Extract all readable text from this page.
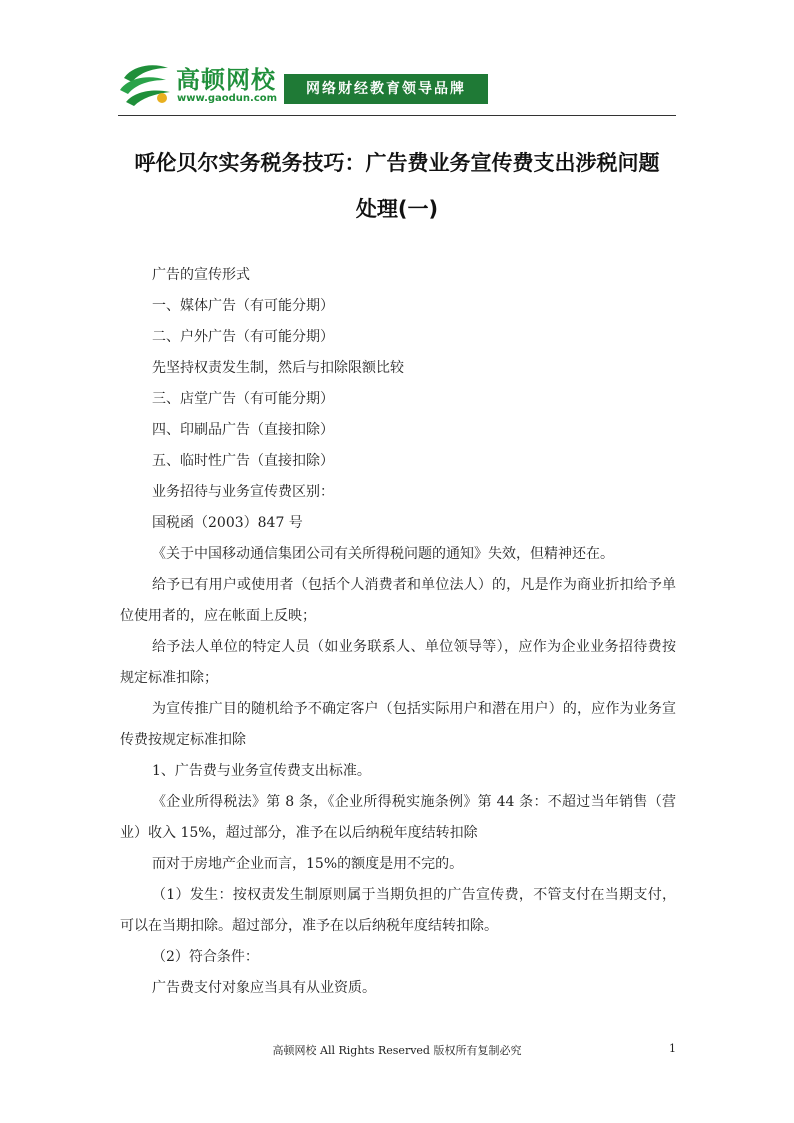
高顿网校
www.gaodun.com
网络财经教育领导品牌
呼伦贝尔实务税务技巧：广告费业务宣传费支出涉税问题
处理(一)

广告的宣传形式

一、媒体广告（有可能分期）

二、户外广告（有可能分期）

先坚持权责发生制，然后与扣除限额比较

三、店堂广告（有可能分期）

四、印刷品广告（直接扣除）

五、临时性广告（直接扣除）

业务招待与业务宣传费区别：

国税函（2003）847 号

《关于中国移动通信集团公司有关所得税问题的通知》失效，但精神还在。

给予已有用户或使用者（包括个人消费者和单位法人）的，凡是作为商业折扣给予单位使用者的，应在帐面上反映；

给予法人单位的特定人员（如业务联系人、单位领导等），应作为企业业务招待费按规定标准扣除；

为宣传推广目的随机给予不确定客户（包括实际用户和潜在用户）的，应作为业务宣传费按规定标准扣除

1、广告费与业务宣传费支出标准。

《企业所得税法》第 8 条，《企业所得税实施条例》第 44 条：不超过当年销售（营业）收入 15%，超过部分，准予在以后纳税年度结转扣除

而对于房地产企业而言，15%的额度是用不完的。

（1）发生：按权责发生制原则属于当期负担的广告宣传费，不管支付在当期支付，可以在当期扣除。超过部分，准予在以后纳税年度结转扣除。

（2）符合条件：

广告费支付对象应当具有从业资质。

高顿网校 All Rights Reserved 版权所有复制必究	1
